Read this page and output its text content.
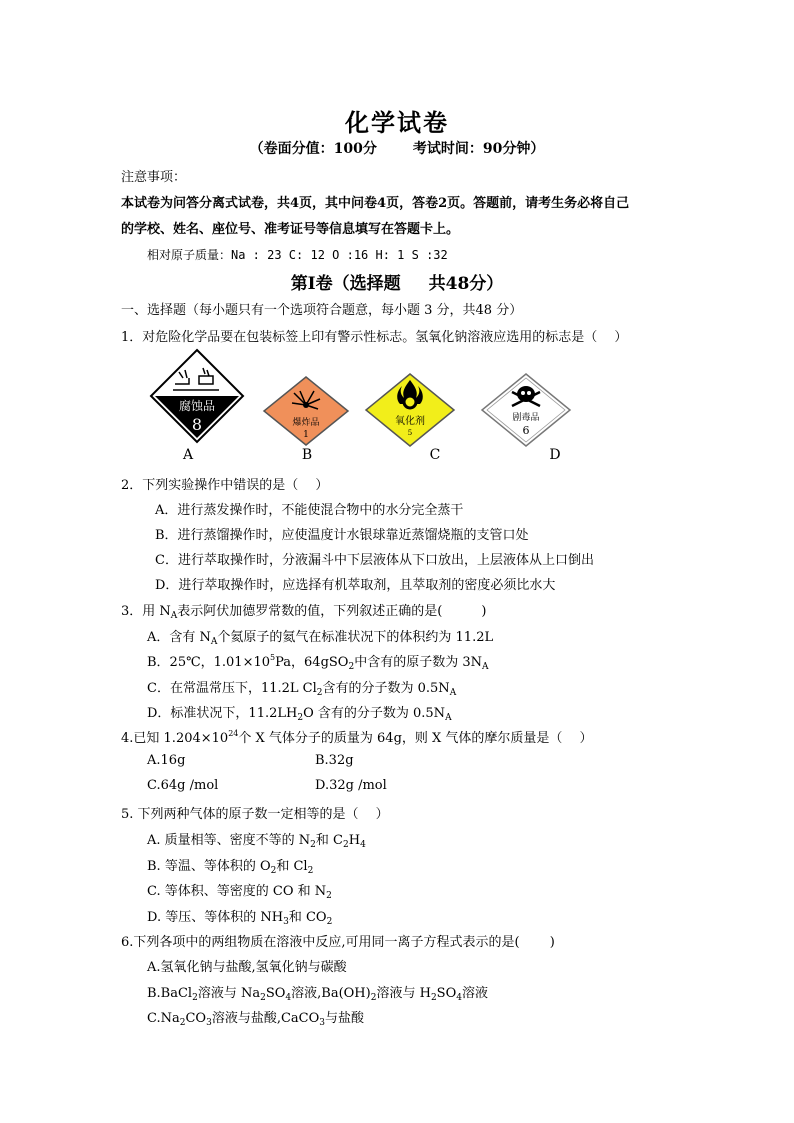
化学试卷
（卷面分值：100分	考试时间：90分钟）
注意事项：
本试卷为问答分离式试卷，共4页，其中问卷4页，答卷2页。答题前，请考生务必将自己
的学校、姓名、座位号、准考证号等信息填写在答题卡上。
相对原子质量：Na : 23 C: 12 O :16 H: 1 S :32
第Ⅰ卷（选择题 共48分）
一、选择题（每小题只有一个选项符合题意，每小题 3 分，共48 分）
1．对危险化学品要在包装标签上印有警示性标志。氢氧化钠溶液应选用的标志是（　 ）
腐蚀品
8	爆炸品
1
氧化剂
5
剧毒品
6
A	B	C	D
2．下列实验操作中错误的是（　 ）
A．进行蒸发操作时，不能使混合物中的水分完全蒸干
B．进行蒸馏操作时，应使温度计水银球靠近蒸馏烧瓶的支管口处
C．进行萃取操作时，分液漏斗中下层液体从下口放出，上层液体从上口倒出
D．进行萃取操作时，应选择有机萃取剂，且萃取剂的密度必须比水大
3．用 $N_A$表示阿伏加德罗常数的值，下列叙述正确的是(　　　)
A．含有 $N_A$个氦原子的氦气在标准状况下的体积约为 11.2L
B．25℃，$1.01\times 10^5Pa$，64gSO$_2$中含有的原子数为 $3N_A$
C．在常温常压下，11.2L $Cl_2$含有的分子数为 $0.5N_A$
D．标准状况下，$11.2LH_2O$ 含有的分子数为 $0.5N_A$
4.已知 $1.204\times 10^{24}$个 X 气体分子的质量为 64g，则 X 气体的摩尔质量是（　 ）
A.16g	B.32g
C.64g /mol	D.32g /mol
5. 下列两种气体的原子数一定相等的是（　 ）
A. 质量相等、密度不等的 $N_2$和 $C_2H_4$
B. 等温、等体积的 $O_2$和 $Cl_2$
C. 等体积、等密度的 CO 和 $N_2$
D. 等压、等体积的 $NH_3$和 $CO_2$
6.下列各项中的两组物质在溶液中反应,可用同一离子方程式表示的是(　　 )
A.氢氧化钠与盐酸,氢氧化钠与碳酸
B.BaCl$_2$溶液与 $Na_2SO_4$溶液$,Ba(OH)_2$溶液与 $H_2SO_4$溶液
$C.Na_2CO_3$溶液与盐酸,CaCO$_3$与盐酸
